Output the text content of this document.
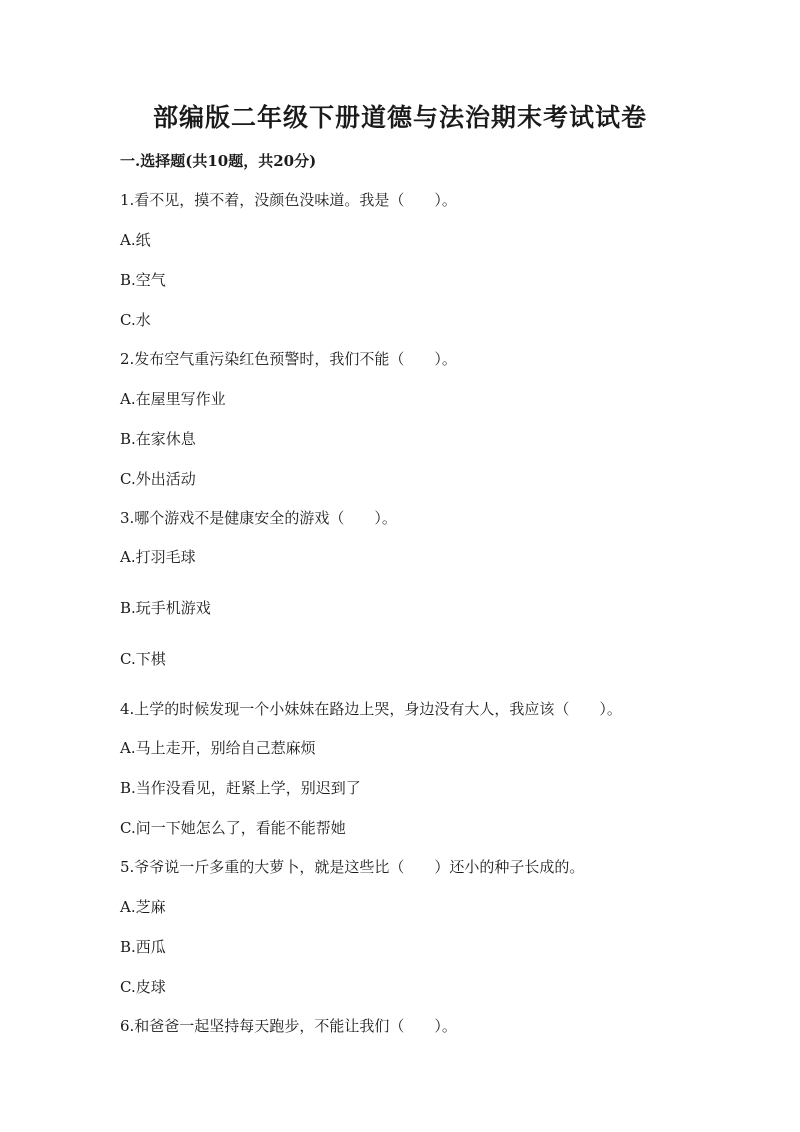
部编版二年级下册道德与法治期末考试试卷
一.选择题(共10题，共20分)
1.看不见，摸不着，没颜色没味道。我是（　　）。
A.纸
B.空气
C.水
2.发布空气重污染红色预警时，我们不能（　　）。
A.在屋里写作业
B.在家休息
C.外出活动
3.哪个游戏不是健康安全的游戏（　　）。
A.打羽毛球
B.玩手机游戏
C.下棋
4.上学的时候发现一个小妹妹在路边上哭，身边没有大人，我应该（　　）。
A.马上走开，别给自己惹麻烦
B.当作没看见，赶紧上学，别迟到了
C.问一下她怎么了，看能不能帮她
5.爷爷说一斤多重的大萝卜，就是这些比（　　）还小的种子长成的。
A.芝麻
B.西瓜
C.皮球
6.和爸爸一起坚持每天跑步，不能让我们（　　）。
